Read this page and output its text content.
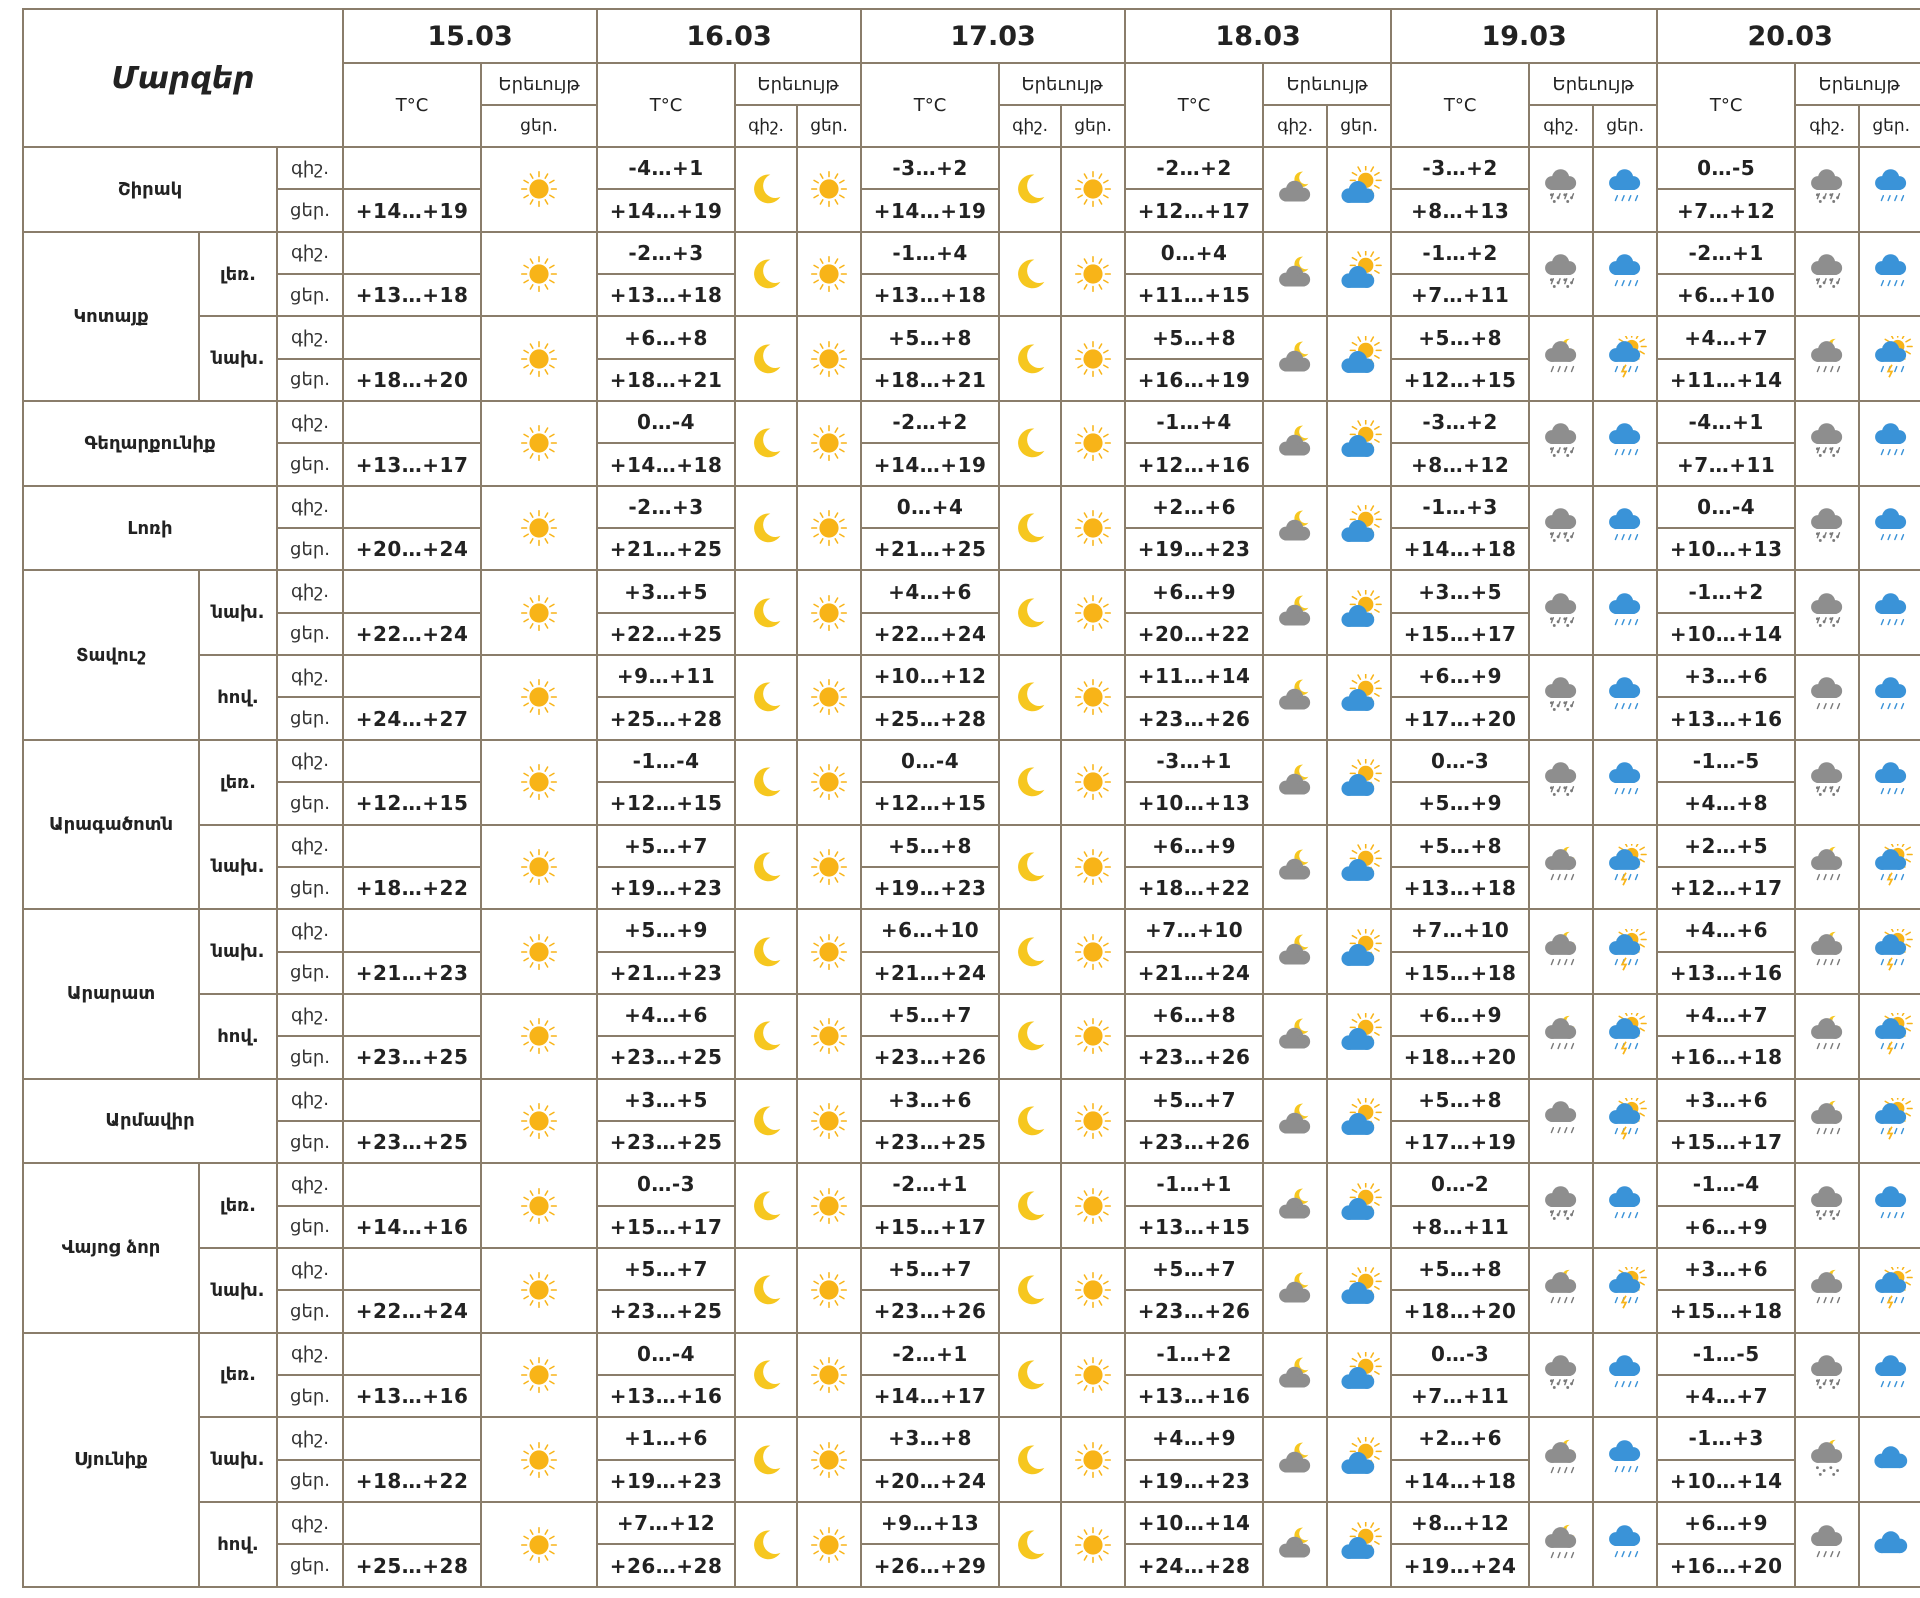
Մարզեր			15.03		16.03			17.03			18.03			19.03			20.03		
			T°C	Երեւույթ	T°C	Երեւույթ		T°C	Երեւույթ		T°C	Երեւույթ		T°C	Երեւույթ		T°C	Երեւույթ	
				ցեր.		գիշ.	ցեր.		գիշ.	ցեր.		գիշ.	ցեր.		գիշ.	ցեր.		գիշ.	ցեր.
Շիրակ		գիշ.			-4…+1			-3…+2			-2…+2			-3…+2			0…-5	

		ցեր.	+14…+19		+14…+19			+14…+19			+12…+17			+8…+13			+7…+12		
Կոտայք	լեռ.	գիշ.			-2…+3			-1…+4			0…+4			-1…+2			-2…+1	

		ցեր.	+13…+18		+13…+18			+13…+18			+11…+15			+7…+11			+6…+10		
	նախ.	գիշ.			+6…+8			+5…+8			+5…+8			+5…+8			+4…+7	

		ցեր.	+18…+20		+18…+21			+18…+21			+16…+19			+12…+15			+11…+14		
Գեղարքունիք		գիշ.			0…-4			-2…+2			-1…+4			-3…+2			-4…+1	

		ցեր.	+13…+17		+14…+18			+14…+19			+12…+16			+8…+12			+7…+11		
Լոռի		գիշ.			-2…+3			0…+4			+2…+6			-1…+3			0…-4	

		ցեր.	+20…+24		+21…+25			+21…+25			+19…+23			+14…+18			+10…+13		
Տավուշ	նախ.	գիշ.			+3…+5			+4…+6			+6…+9			+3…+5			-1…+2	

		ցեր.	+22…+24		+22…+25			+22…+24			+20…+22			+15…+17			+10…+14		
	հով.	գիշ.			+9…+11			+10…+12			+11…+14			+6…+9			+3…+6	

		ցեր.	+24…+27		+25…+28			+25…+28			+23…+26			+17…+20			+13…+16		
Արագածոտն	լեռ.	գիշ.			-1…-4			0…-4			-3…+1			0…-3			-1…-5	

		ցեր.	+12…+15		+12…+15			+12…+15			+10…+13			+5…+9			+4…+8		
	նախ.	գիշ.			+5…+7			+5…+8			+6…+9			+5…+8			+2…+5	

		ցեր.	+18…+22		+19…+23			+19…+23			+18…+22			+13…+18			+12…+17		
Արարատ	նախ.	գիշ.			+5…+9			+6…+10			+7…+10			+7…+10			+4…+6	

		ցեր.	+21…+23		+21…+23			+21…+24			+21…+24			+15…+18			+13…+16		
	հով.	գիշ.			+4…+6			+5…+7			+6…+8			+6…+9			+4…+7	

		ցեր.	+23…+25		+23…+25			+23…+26			+23…+26			+18…+20			+16…+18		
Արմավիր		գիշ.			+3…+5			+3…+6			+5…+7			+5…+8			+3…+6	

		ցեր.	+23…+25		+23…+25			+23…+25			+23…+26			+17…+19			+15…+17		
Վայոց ձոր	լեռ.	գիշ.			0…-3			-2…+1			-1…+1			0…-2			-1…-4	

		ցեր.	+14…+16		+15…+17			+15…+17			+13…+15			+8…+11			+6…+9		
	նախ.	գիշ.			+5…+7			+5…+7			+5…+7			+5…+8			+3…+6	

		ցեր.	+22…+24		+23…+25			+23…+26			+23…+26			+18…+20			+15…+18		
Սյունիք	լեռ.	գիշ.			0…-4			-2…+1			-1…+2			0…-3			-1…-5	

		ցեր.	+13…+16		+13…+16			+14…+17			+13…+16			+7…+11			+4…+7		
	նախ.	գիշ.			+1…+6			+3…+8			+4…+9			+2…+6			-1…+3	

		ցեր.	+18…+22		+19…+23			+20…+24			+19…+23			+14…+18			+10…+14		
	հով.	գիշ.			+7…+12			+9…+13			+10…+14			+8…+12			+6…+9	

		ցեր.	+25…+28		+26…+28			+26…+29			+24…+28			+19…+24			+16…+20		
